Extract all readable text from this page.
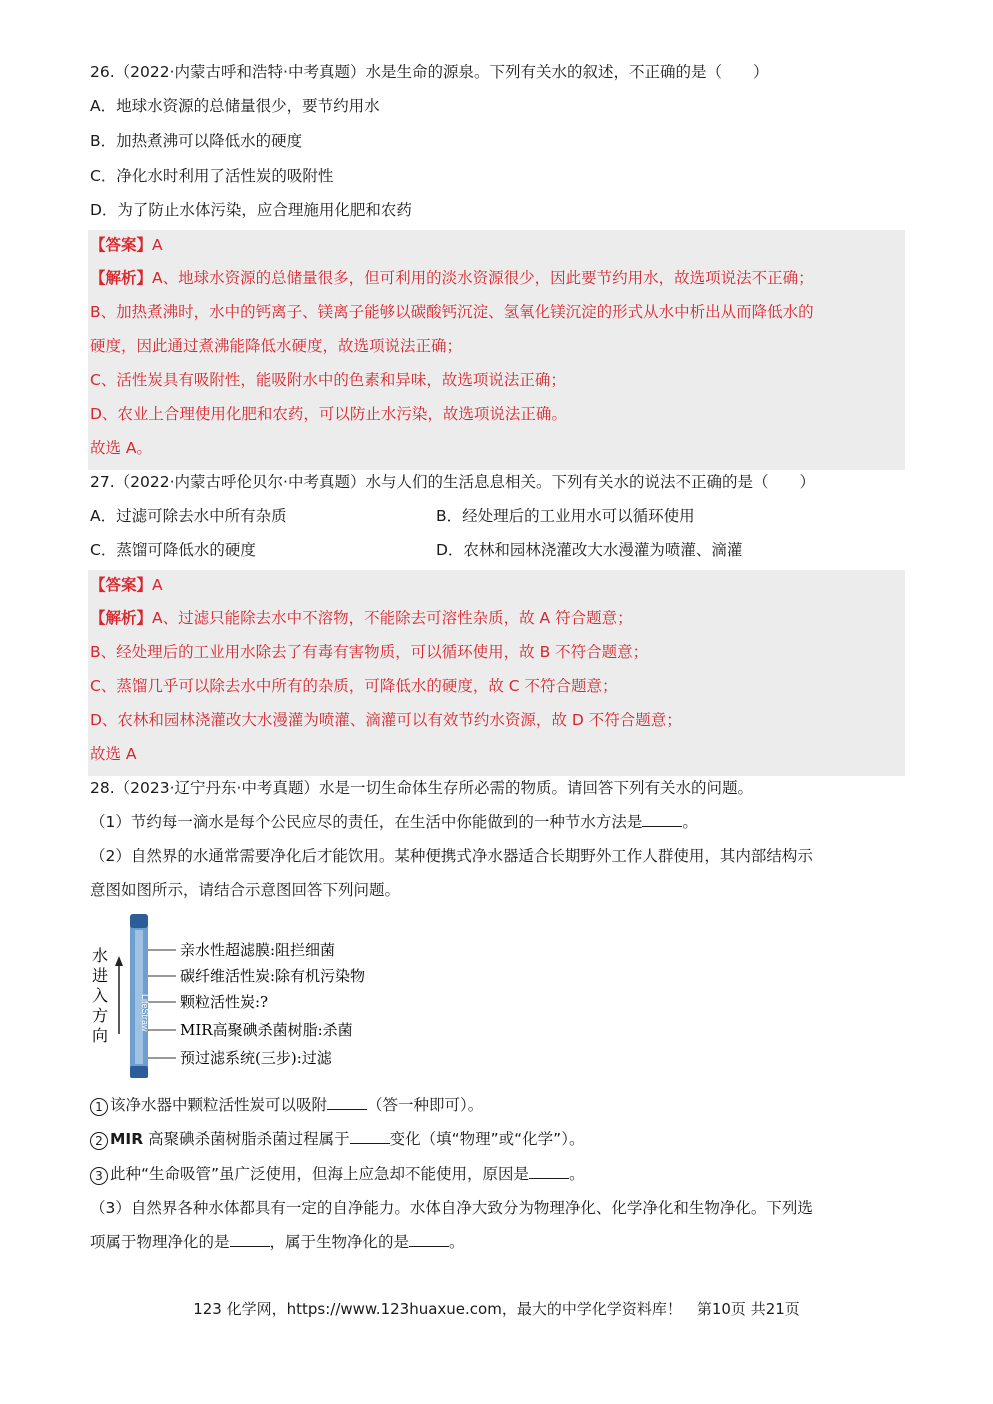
26.（2022·内蒙古呼和浩特·中考真题）水是生命的源泉。下列有关水的叙述，不正确的是（　　）
A．地球水资源的总储量很少，要节约用水
B．加热煮沸可以降低水的硬度
C．净化水时利用了活性炭的吸附性
D．为了防止水体污染，应合理施用化肥和农药
【答案】A
【解析】A、地球水资源的总储量很多，但可利用的淡水资源很少，因此要节约用水，故选项说法不正确；
B、加热煮沸时，水中的钙离子、镁离子能够以碳酸钙沉淀、氢氧化镁沉淀的形式从水中析出从而降低水的
硬度，因此通过煮沸能降低水硬度，故选项说法正确；
C、活性炭具有吸附性，能吸附水中的色素和异味，故选项说法正确；
D、农业上合理使用化肥和农药，可以防止水污染，故选项说法正确。
故选 A。
27.（2022·内蒙古呼伦贝尔·中考真题）水与人们的生活息息相关。下列有关水的说法不正确的是（　　）
A．过滤可除去水中所有杂质	B．经处理后的工业用水可以循环使用
C．蒸馏可降低水的硬度	D．农林和园林浇灌改大水漫灌为喷灌、滴灌
【答案】A
【解析】A、过滤只能除去水中不溶物，不能除去可溶性杂质，故 A 符合题意；
B、经处理后的工业用水除去了有毒有害物质，可以循环使用，故 B 不符合题意；
C、蒸馏几乎可以除去水中所有的杂质，可降低水的硬度，故 C 不符合题意；
D、农林和园林浇灌改大水漫灌为喷灌、滴灌可以有效节约水资源，故 D 不符合题意；
故选 A
28.（2023·辽宁丹东·中考真题）水是一切生命体生存所必需的物质。请回答下列有关水的问题。
（1）节约每一滴水是每个公民应尽的责任，在生活中你能做到的一种节水方法是	。
（2）自然界的水通常需要净化后才能饮用。某种便携式净水器适合长期野外工作人群使用，其内部结构示
意图如图所示，请结合示意图回答下列问题。
LifeStraw
水
进
入
方
向
亲水性超滤膜:阻拦细菌
碳纤维活性炭:除有机污染物
颗粒活性炭:?
MIR高聚碘杀菌树脂:杀菌
预过滤系统(三步):过滤
1 该净水器中颗粒活性炭可以吸附	（答一种即可）。
2 MIR 高聚碘杀菌树脂杀菌过程属于	变化（填“物理”或“化学”）。
3 此种“生命吸管”虽广泛使用，但海上应急却不能使用，原因是	。
（3）自然界各种水体都具有一定的自净能力。水体自净大致分为物理净化、化学净化和生物净化。下列选
项属于物理净化的是	，属于生物净化的是	。
123 化学网，https://www.123huaxue.com，最大的中学化学资料库！　第10页 共21页
